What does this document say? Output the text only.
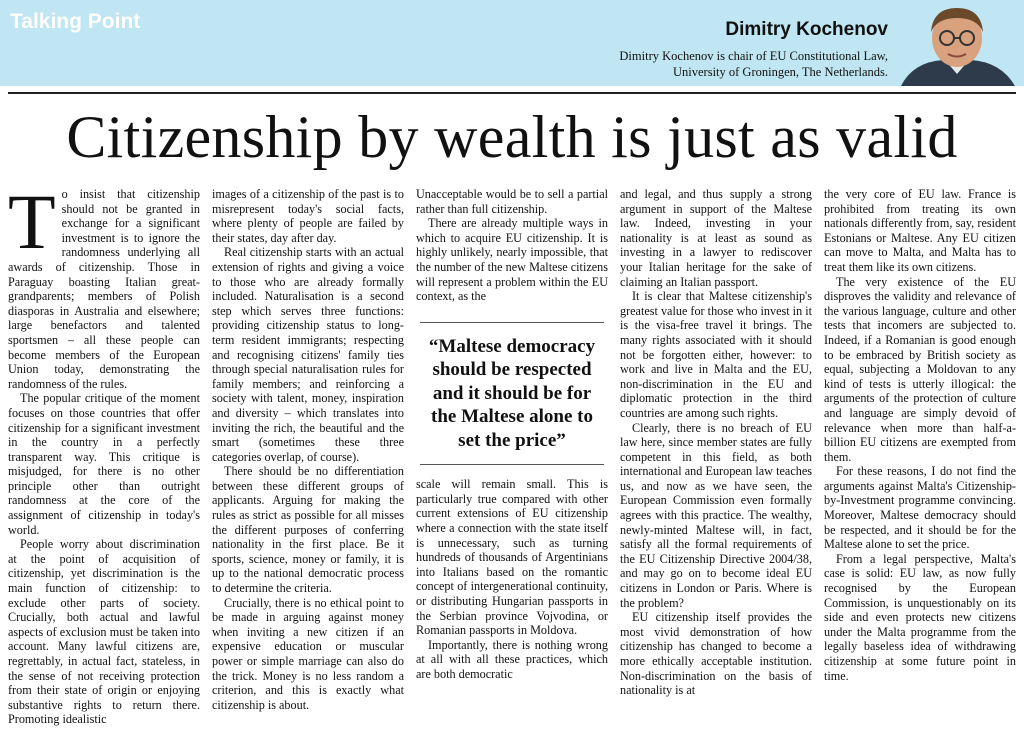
Talking Point	Dimitry Kochenov

Dimitry Kochenov is chair of EU Constitutional Law,
University of Groningen, The Netherlands.

Citizenship by wealth is just as valid
T o insist that citizenship should not be granted in exchange for a significant investment is to ignore the randomness underlying all awards of citizenship. Those in Paraguay boasting Italian great-grandparents; members of Polish diasporas in Australia and elsewhere; large benefactors and talented sportsmen – all these people can become members of the European Union today, demonstrating the randomness of the rules.

The popular critique of the moment focuses on those countries that offer citizenship for a significant investment in the country in a perfectly transparent way. This critique is misjudged, for there is no other principle other than outright randomness at the core of the assignment of citizenship in today's world.

People worry about discrimination at the point of acquisition of citizenship, yet discrimination is the main function of citizenship: to exclude other parts of society. Crucially, both actual and lawful aspects of exclusion must be taken into account. Many lawful citizens are, regrettably, in actual fact, stateless, in the sense of not receiving protection from their state of origin or enjoying substantive rights to return there. Promoting idealistic

images of a citizenship of the past is to misrepresent today's social facts, where plenty of people are failed by their states, day after day.

Real citizenship starts with an actual extension of rights and giving a voice to those who are already formally included. Naturalisation is a second step which serves three functions: providing citizenship status to long-term resident immigrants; respecting and recognising citizens' family ties through special naturalisation rules for family members; and reinforcing a society with talent, money, inspiration and diversity – which translates into inviting the rich, the beautiful and the smart (sometimes these three categories overlap, of course).

There should be no differentiation between these different groups of applicants. Arguing for making the rules as strict as possible for all misses the different purposes of conferring nationality in the first place. Be it sports, science, money or family, it is up to the national democratic process to determine the criteria.

Crucially, there is no ethical point to be made in arguing against money when inviting a new citizen if an expensive education or muscular power or simple marriage can also do the trick. Money is no less random a criterion, and this is exactly what citizenship is about.

Unacceptable would be to sell a partial rather than full citizenship.

There are already multiple ways in which to acquire EU citizenship. It is highly unlikely, nearly impossible, that the number of the new Maltese citizens will represent a problem within the EU context, as the

“Maltese democracy should be respected and it should be for the Maltese alone to set the price”

scale will remain small. This is particularly true compared with other current extensions of EU citizenship where a connection with the state itself is unnecessary, such as turning hundreds of thousands of Argentinians into Italians based on the romantic concept of intergenerational continuity, or distributing Hungarian passports in the Serbian province Vojvodina, or Romanian passports in Moldova.

Importantly, there is nothing wrong at all with all these practices, which are both democratic

and legal, and thus supply a strong argument in support of the Maltese law. Indeed, investing in your nationality is at least as sound as investing in a lawyer to rediscover your Italian heritage for the sake of claiming an Italian passport.

It is clear that Maltese citizenship's greatest value for those who invest in it is the visa-free travel it brings. The many rights associated with it should not be forgotten either, however: to work and live in Malta and the EU, non-discrimination in the EU and diplomatic protection in the third countries are among such rights.

Clearly, there is no breach of EU law here, since member states are fully competent in this field, as both international and European law teaches us, and now as we have seen, the European Commission even formally agrees with this practice. The wealthy, newly-minted Maltese will, in fact, satisfy all the formal requirements of the EU Citizenship Directive 2004/38, and may go on to become ideal EU citizens in London or Paris. Where is the problem?

EU citizenship itself provides the most vivid demonstration of how citizenship has changed to become a more ethically acceptable institution. Non-discrimination on the basis of nationality is at

the very core of EU law. France is prohibited from treating its own nationals differently from, say, resident Estonians or Maltese. Any EU citizen can move to Malta, and Malta has to treat them like its own citizens.

The very existence of the EU disproves the validity and relevance of the various language, culture and other tests that incomers are subjected to. Indeed, if a Romanian is good enough to be embraced by British society as equal, subjecting a Moldovan to any kind of tests is utterly illogical: the arguments of the protection of culture and language are simply devoid of relevance when more than half-a-billion EU citizens are exempted from them.

For these reasons, I do not find the arguments against Malta's Citizenship-by-Investment programme convincing. Moreover, Maltese democracy should be respected, and it should be for the Maltese alone to set the price.

From a legal perspective, Malta's case is solid: EU law, as now fully recognised by the European Commission, is unquestionably on its side and even protects new citizens under the Malta programme from the legally baseless idea of withdrawing citizenship at some future point in time.
